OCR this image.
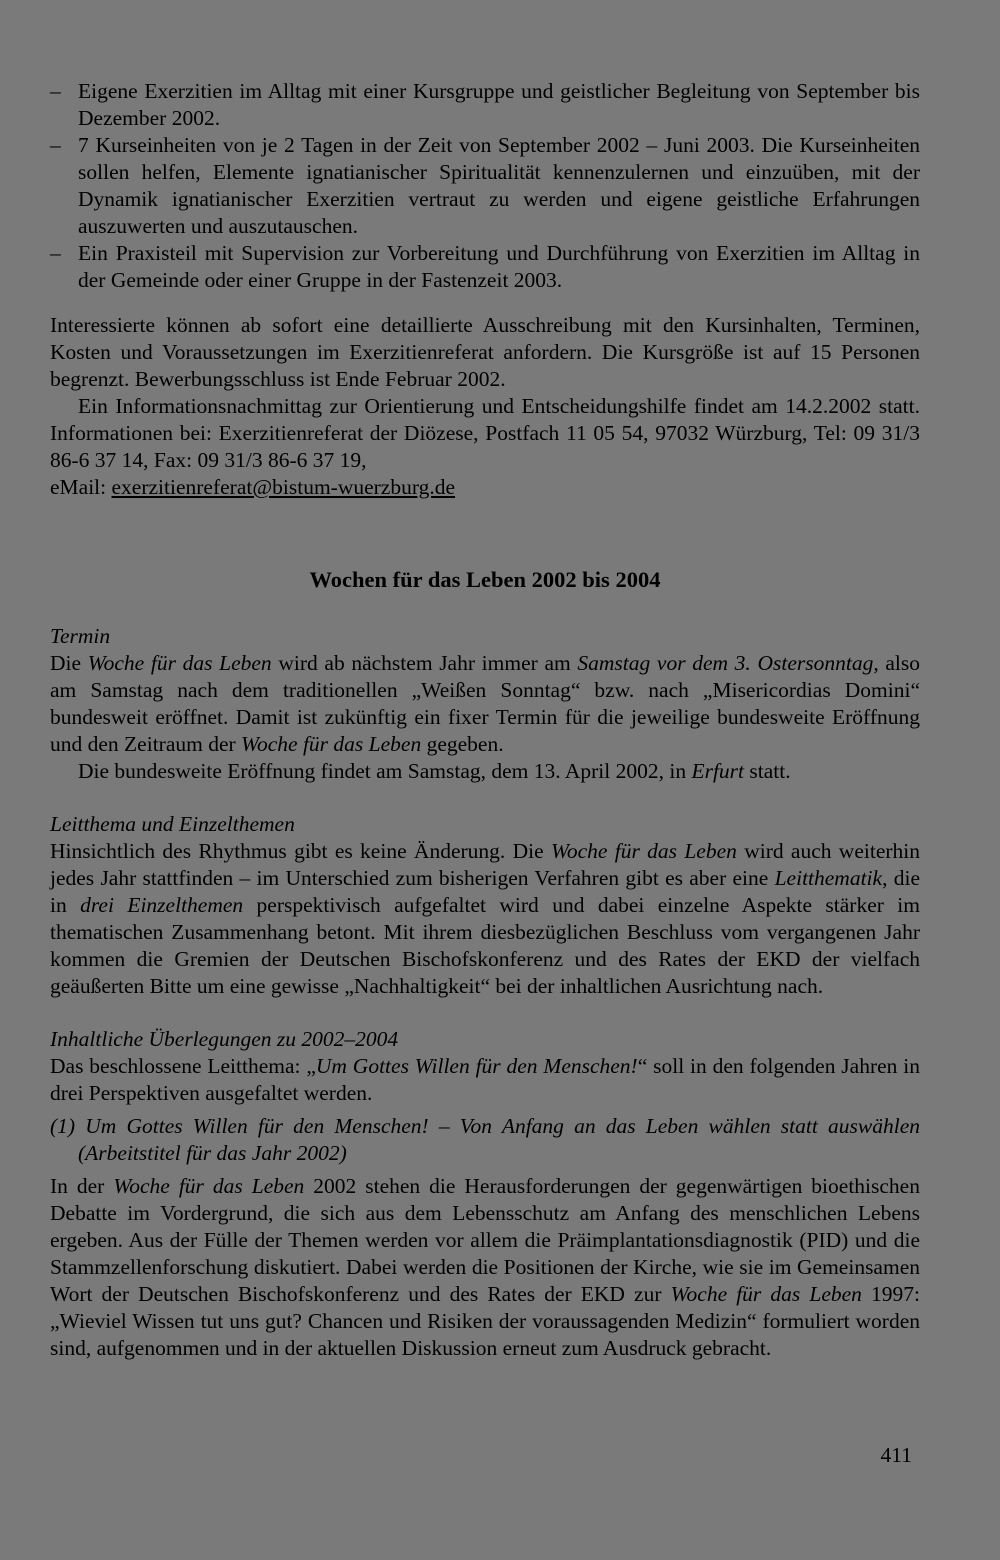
– Eigene Exerzitien im Alltag mit einer Kursgruppe und geistlicher Begleitung von September bis Dezember 2002.
– 7 Kurseinheiten von je 2 Tagen in der Zeit von September 2002 – Juni 2003. Die Kurseinheiten sollen helfen, Elemente ignatianischer Spiritualität kennenzulernen und einzuüben, mit der Dynamik ignatianischer Exerzitien vertraut zu werden und eigene geistliche Erfahrungen auszuwerten und auszutauschen.
– Ein Praxisteil mit Supervision zur Vorbereitung und Durchführung von Exerzitien im Alltag in der Gemeinde oder einer Gruppe in der Fastenzeit 2003.

Interessierte können ab sofort eine detaillierte Ausschreibung mit den Kursinhalten, Terminen, Kosten und Voraussetzungen im Exerzitienreferat anfordern. Die Kursgröße ist auf 15 Personen begrenzt. Bewerbungsschluss ist Ende Februar 2002.

Ein Informationsnachmittag zur Orientierung und Entscheidungshilfe findet am 14.2.2002 statt. Informationen bei: Exerzitienreferat der Diözese, Postfach 11 05 54, 97032 Würzburg, Tel: 09 31/3 86-6 37 14, Fax: 09 31/3 86-6 37 19,
eMail: exerzitienreferat@bistum-wuerzburg.de

Wochen für das Leben 2002 bis 2004

Termin

Die Woche für das Leben wird ab nächstem Jahr immer am Samstag vor dem 3. Ostersonntag, also am Samstag nach dem traditionellen „Weißen Sonntag“ bzw. nach „Misericordias Domini“ bundesweit eröffnet. Damit ist zukünftig ein fixer Termin für die jeweilige bundesweite Eröffnung und den Zeitraum der Woche für das Leben gegeben.

Die bundesweite Eröffnung findet am Samstag, dem 13. April 2002, in Erfurt statt.

Leitthema und Einzelthemen

Hinsichtlich des Rhythmus gibt es keine Änderung. Die Woche für das Leben wird auch weiterhin jedes Jahr stattfinden – im Unterschied zum bisherigen Verfahren gibt es aber eine Leitthematik, die in drei Einzelthemen perspektivisch aufgefaltet wird und dabei einzelne Aspekte stärker im thematischen Zusammenhang betont. Mit ihrem diesbezüglichen Beschluss vom vergangenen Jahr kommen die Gremien der Deutschen Bischofskonferenz und des Rates der EKD der vielfach geäußerten Bitte um eine gewisse „Nachhaltigkeit“ bei der inhaltlichen Ausrichtung nach.

Inhaltliche Überlegungen zu 2002–2004

Das beschlossene Leitthema: „Um Gottes Willen für den Menschen!“ soll in den folgenden Jahren in drei Perspektiven ausgefaltet werden.

(1) Um Gottes Willen für den Menschen! – Von Anfang an das Leben wählen statt auswählen (Arbeitstitel für das Jahr 2002)

In der Woche für das Leben 2002 stehen die Herausforderungen der gegenwärtigen bioethischen Debatte im Vordergrund, die sich aus dem Lebensschutz am Anfang des menschlichen Lebens ergeben. Aus der Fülle der Themen werden vor allem die Präimplantationsdiagnostik (PID) und die Stammzellenforschung diskutiert. Dabei werden die Positionen der Kirche, wie sie im Gemeinsamen Wort der Deutschen Bischofskonferenz und des Rates der EKD zur Woche für das Leben 1997: „Wieviel Wissen tut uns gut? Chancen und Risiken der voraussagenden Medizin“ formuliert worden sind, aufgenommen und in der aktuellen Diskussion erneut zum Ausdruck gebracht.

411
